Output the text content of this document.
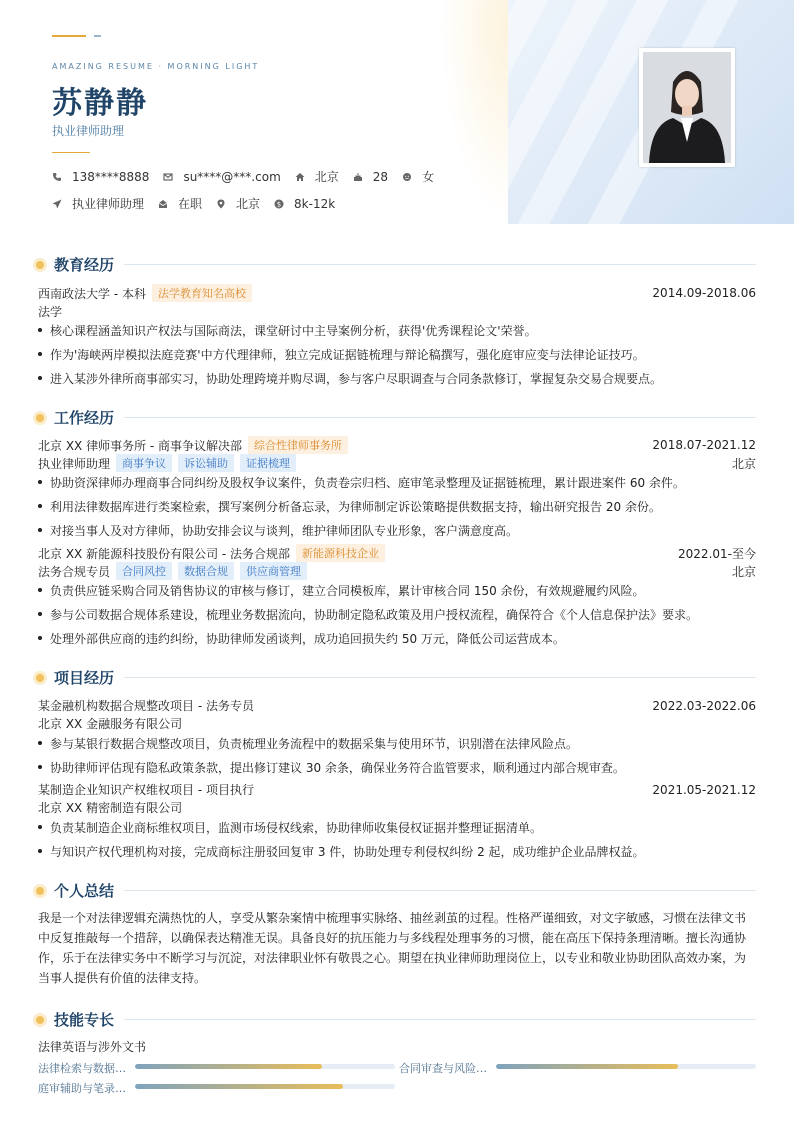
AMAZING RESUME · MORNING LIGHT
苏静静
执业律师助理
138****8888	su****@***.com	北京	28	女
执业律师助理	在职	北京 $ 8k-12k
教育经历
西南政法大学 - 本科	法学教育知名高校	2014.09-2018.06
法学
核心课程涵盖知识产权法与国际商法，课堂研讨中主导案例分析，获得'优秀课程论文'荣誉。
作为'海峡两岸模拟法庭竞赛'中方代理律师，独立完成证据链梳理与辩论稿撰写，强化庭审应变与法律论证技巧。
进入某涉外律所商事部实习，协助处理跨境并购尽调，参与客户尽职调查与合同条款修订，掌握复杂交易合规要点。
工作经历
北京 XX 律师事务所 - 商事争议解决部	综合性律师事务所	2018.07-2021.12
执业律师助理	商事争议	诉讼辅助	证据梳理	北京
协助资深律师办理商事合同纠纷及股权争议案件，负责卷宗归档、庭审笔录整理及证据链梳理，累计跟进案件 60 余件。
利用法律数据库进行类案检索，撰写案例分析备忘录，为律师制定诉讼策略提供数据支持，输出研究报告 20 余份。
对接当事人及对方律师，协助安排会议与谈判，维护律师团队专业形象，客户满意度高。
北京 XX 新能源科技股份有限公司 - 法务合规部	新能源科技企业	2022.01-至今
法务合规专员	合同风控	数据合规	供应商管理	北京
负责供应链采购合同及销售协议的审核与修订，建立合同模板库，累计审核合同 150 余份，有效规避履约风险。
参与公司数据合规体系建设，梳理业务数据流向，协助制定隐私政策及用户授权流程，确保符合《个人信息保护法》要求。
处理外部供应商的违约纠纷，协助律师发函谈判，成功追回损失约 50 万元，降低公司运营成本。
项目经历
某金融机构数据合规整改项目 - 法务专员	2022.03-2022.06
北京 XX 金融服务有限公司
参与某银行数据合规整改项目，负责梳理业务流程中的数据采集与使用环节，识别潜在法律风险点。
协助律师评估现有隐私政策条款，提出修订建议 30 余条，确保业务符合监管要求，顺利通过内部合规审查。
某制造企业知识产权维权项目 - 项目执行	2021.05-2021.12
北京 XX 精密制造有限公司
负责某制造企业商标维权项目，监测市场侵权线索，协助律师收集侵权证据并整理证据清单。
与知识产权代理机构对接，完成商标注册驳回复审 3 件，协助处理专利侵权纠纷 2 起，成功维护企业品牌权益。
个人总结
我是一个对法律逻辑充满热忱的人，享受从繁杂案情中梳理事实脉络、抽丝剥茧的过程。性格严谨细致，对文字敏感，习惯在法律文书中反复推敲每一个措辞，以确保表达精准无误。具备良好的抗压能力与多线程处理事务的习惯，能在高压下保持条理清晰。擅长沟通协作，乐于在法律实务中不断学习与沉淀，对法律职业怀有敬畏之心。期望在执业律师助理岗位上，以专业和敬业协助团队高效办案，为当事人提供有价值的法律支持。
技能专长
法律英语与涉外文书
法律检索与数据…	合同审查与风险…
庭审辅助与笔录…
